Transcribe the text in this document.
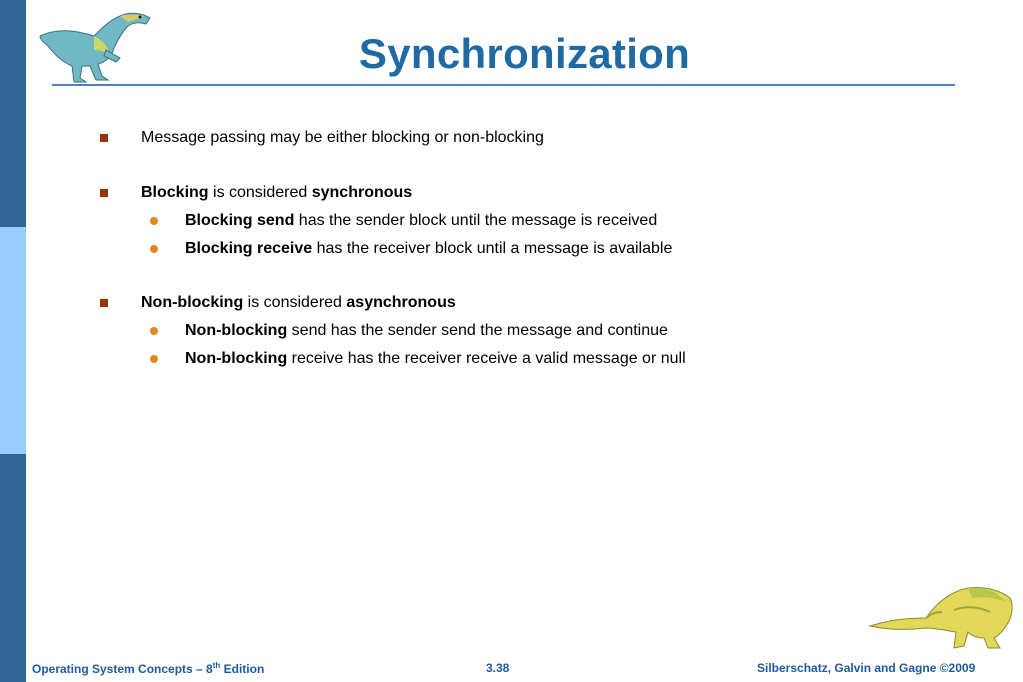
Synchronization
Message passing may be either blocking or non-blocking
Blocking is considered synchronous
Blocking send has the sender block until the message is received
Blocking receive has the receiver block until a message is available
Non-blocking is considered asynchronous
Non-blocking send has the sender send the message and continue
Non-blocking receive has the receiver receive a valid message or null
Operating System Concepts – 8th Edition	3.38	Silberschatz, Galvin and Gagne ©2009
